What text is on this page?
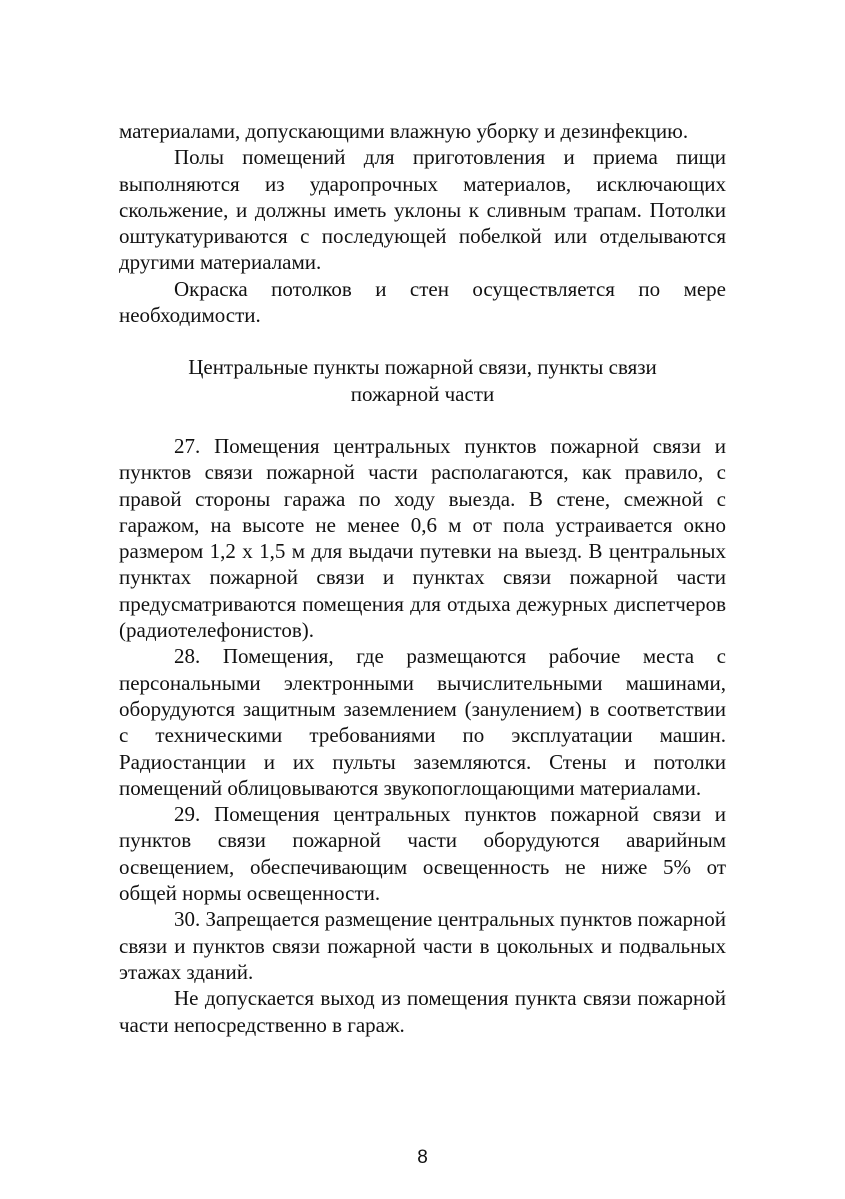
материалами, допускающими влажную уборку и дезинфекцию.

Полы помещений для приготовления и приема пищи выполняются из ударопрочных материалов, исключающих скольжение, и должны иметь уклоны к сливным трапам. Потолки оштукатуриваются с последующей побелкой или отделываются другими материалами.

Окраска потолков и стен осуществляется по мере необходимости.

Центральные пункты пожарной связи, пункты связи

пожарной части

27. Помещения центральных пунктов пожарной связи и пунктов связи пожарной части располагаются, как правило, с правой стороны гаража по ходу выезда. В стене, смежной с гаражом, на высоте не менее 0,6 м от пола устраивается окно размером 1,2 х 1,5 м для выдачи путевки на выезд. В центральных пунктах пожарной связи и пунктах связи пожарной части предусматриваются помещения для отдыха дежурных диспетчеров (радиотелефонистов).

28. Помещения, где размещаются рабочие места с персональными электронными вычислительными машинами, оборудуются защитным заземлением (занулением) в соответствии с техническими требованиями по эксплуатации машин. Радиостанции и их пульты заземляются. Стены и потолки помещений облицовываются звукопоглощающими материалами.

29. Помещения центральных пунктов пожарной связи и пунктов связи пожарной части оборудуются аварийным освещением, обеспечивающим освещенность не ниже 5% от общей нормы освещенности.

30. Запрещается размещение центральных пунктов пожарной связи и пунктов связи пожарной части в цокольных и подвальных этажах зданий.

Не допускается выход из помещения пункта связи пожарной части непосредственно в гараж.

8
